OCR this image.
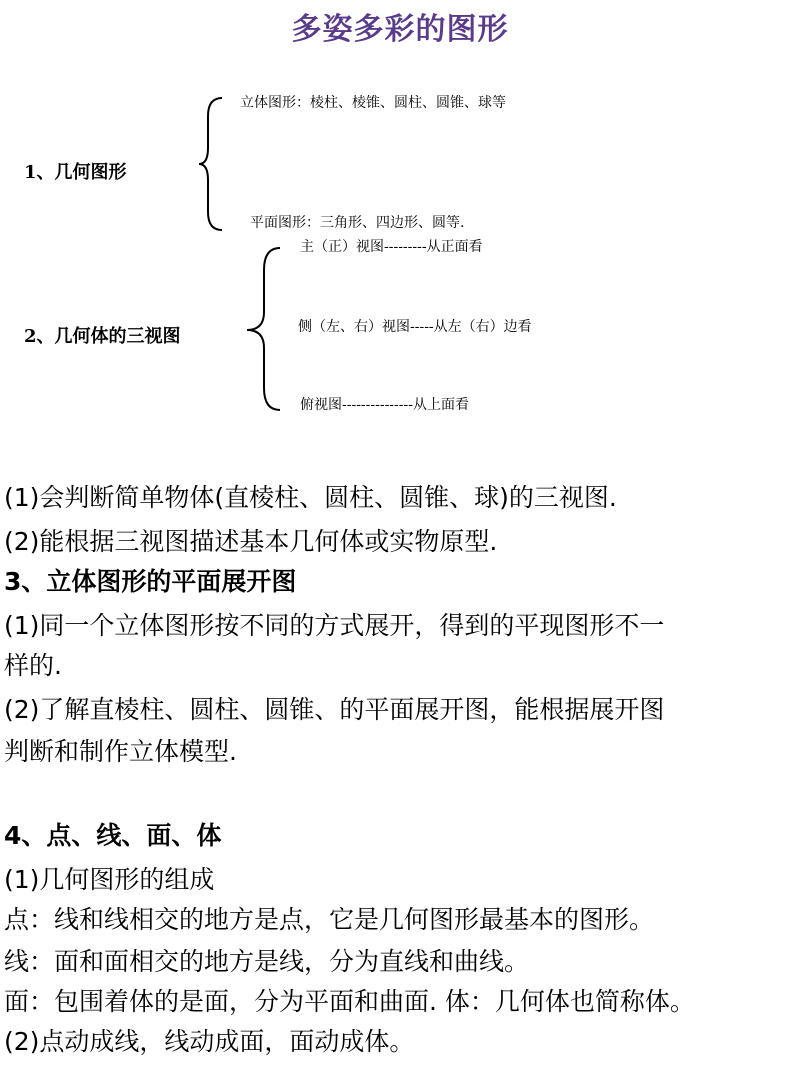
多姿多彩的图形
1、几何图形
立体图形：棱柱、棱锥、圆柱、圆锥、球等
平面图形：三角形、四边形、圆等.
2、几何体的三视图
主（正）视图---------从正面看
侧（左、右）视图-----从左（右）边看
俯视图---------------从上面看
(1)会判断简单物体(直棱柱、圆柱、圆锥、球)的三视图.
(2)能根据三视图描述基本几何体或实物原型.
3、立体图形的平面展开图
(1)同一个立体图形按不同的方式展开，得到的平现图形不一
样的.
(2)了解直棱柱、圆柱、圆锥、的平面展开图，能根据展开图
判断和制作立体模型.
4、点、线、面、体
(1)几何图形的组成
点：线和线相交的地方是点，它是几何图形最基本的图形。
线：面和面相交的地方是线，分为直线和曲线。
面：包围着体的是面，分为平面和曲面. 体：几何体也简称体。
(2)点动成线，线动成面，面动成体。
